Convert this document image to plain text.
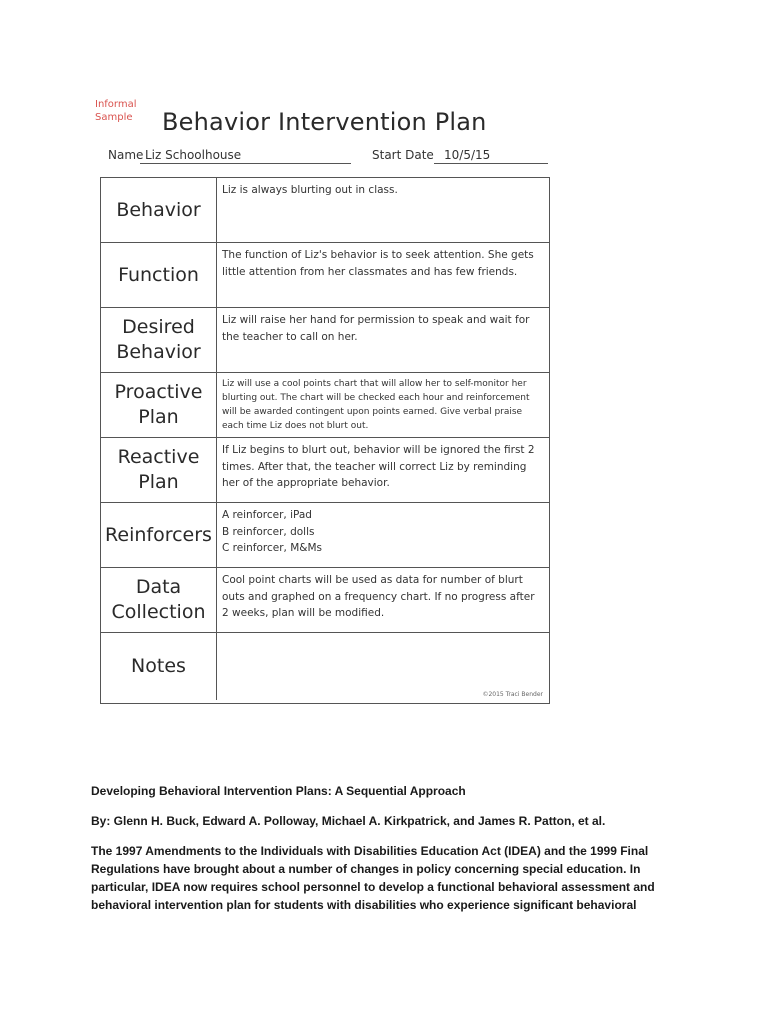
Informal
Sample	Behavior Intervention Plan
Name Liz Schoolhouse	Start Date 10/5/15
Behavior
Liz is always blurting out in class.
Function
The function of Liz's behavior is to seek attention. She gets little attention from her classmates and has few friends.
Desired Behavior
Liz will raise her hand for permission to speak and wait for the teacher to call on her.
Proactive Plan
Liz will use a cool points chart that will allow her to self-monitor her blurting out. The chart will be checked each hour and reinforcement will be awarded contingent upon points earned. Give verbal praise each time Liz does not blurt out.
Reactive Plan
If Liz begins to blurt out, behavior will be ignored the first 2 times. After that, the teacher will correct Liz by reminding her of the appropriate behavior.
Reinforcers
A reinforcer, iPad
B reinforcer, dolls
C reinforcer, M&Ms
Data Collection
Cool point charts will be used as data for number of blurt outs and graphed on a frequency chart. If no progress after 2 weeks, plan will be modified.
Notes
©2015 Traci Bender

Developing Behavioral Intervention Plans: A Sequential Approach

By: Glenn H. Buck, Edward A. Polloway, Michael A. Kirkpatrick, and James R. Patton, et al.

The 1997 Amendments to the Individuals with Disabilities Education Act (IDEA) and the 1999 Final Regulations have brought about a number of changes in policy concerning special education. In particular, IDEA now requires school personnel to develop a functional behavioral assessment and behavioral intervention plan for students with disabilities who experience significant behavioral
